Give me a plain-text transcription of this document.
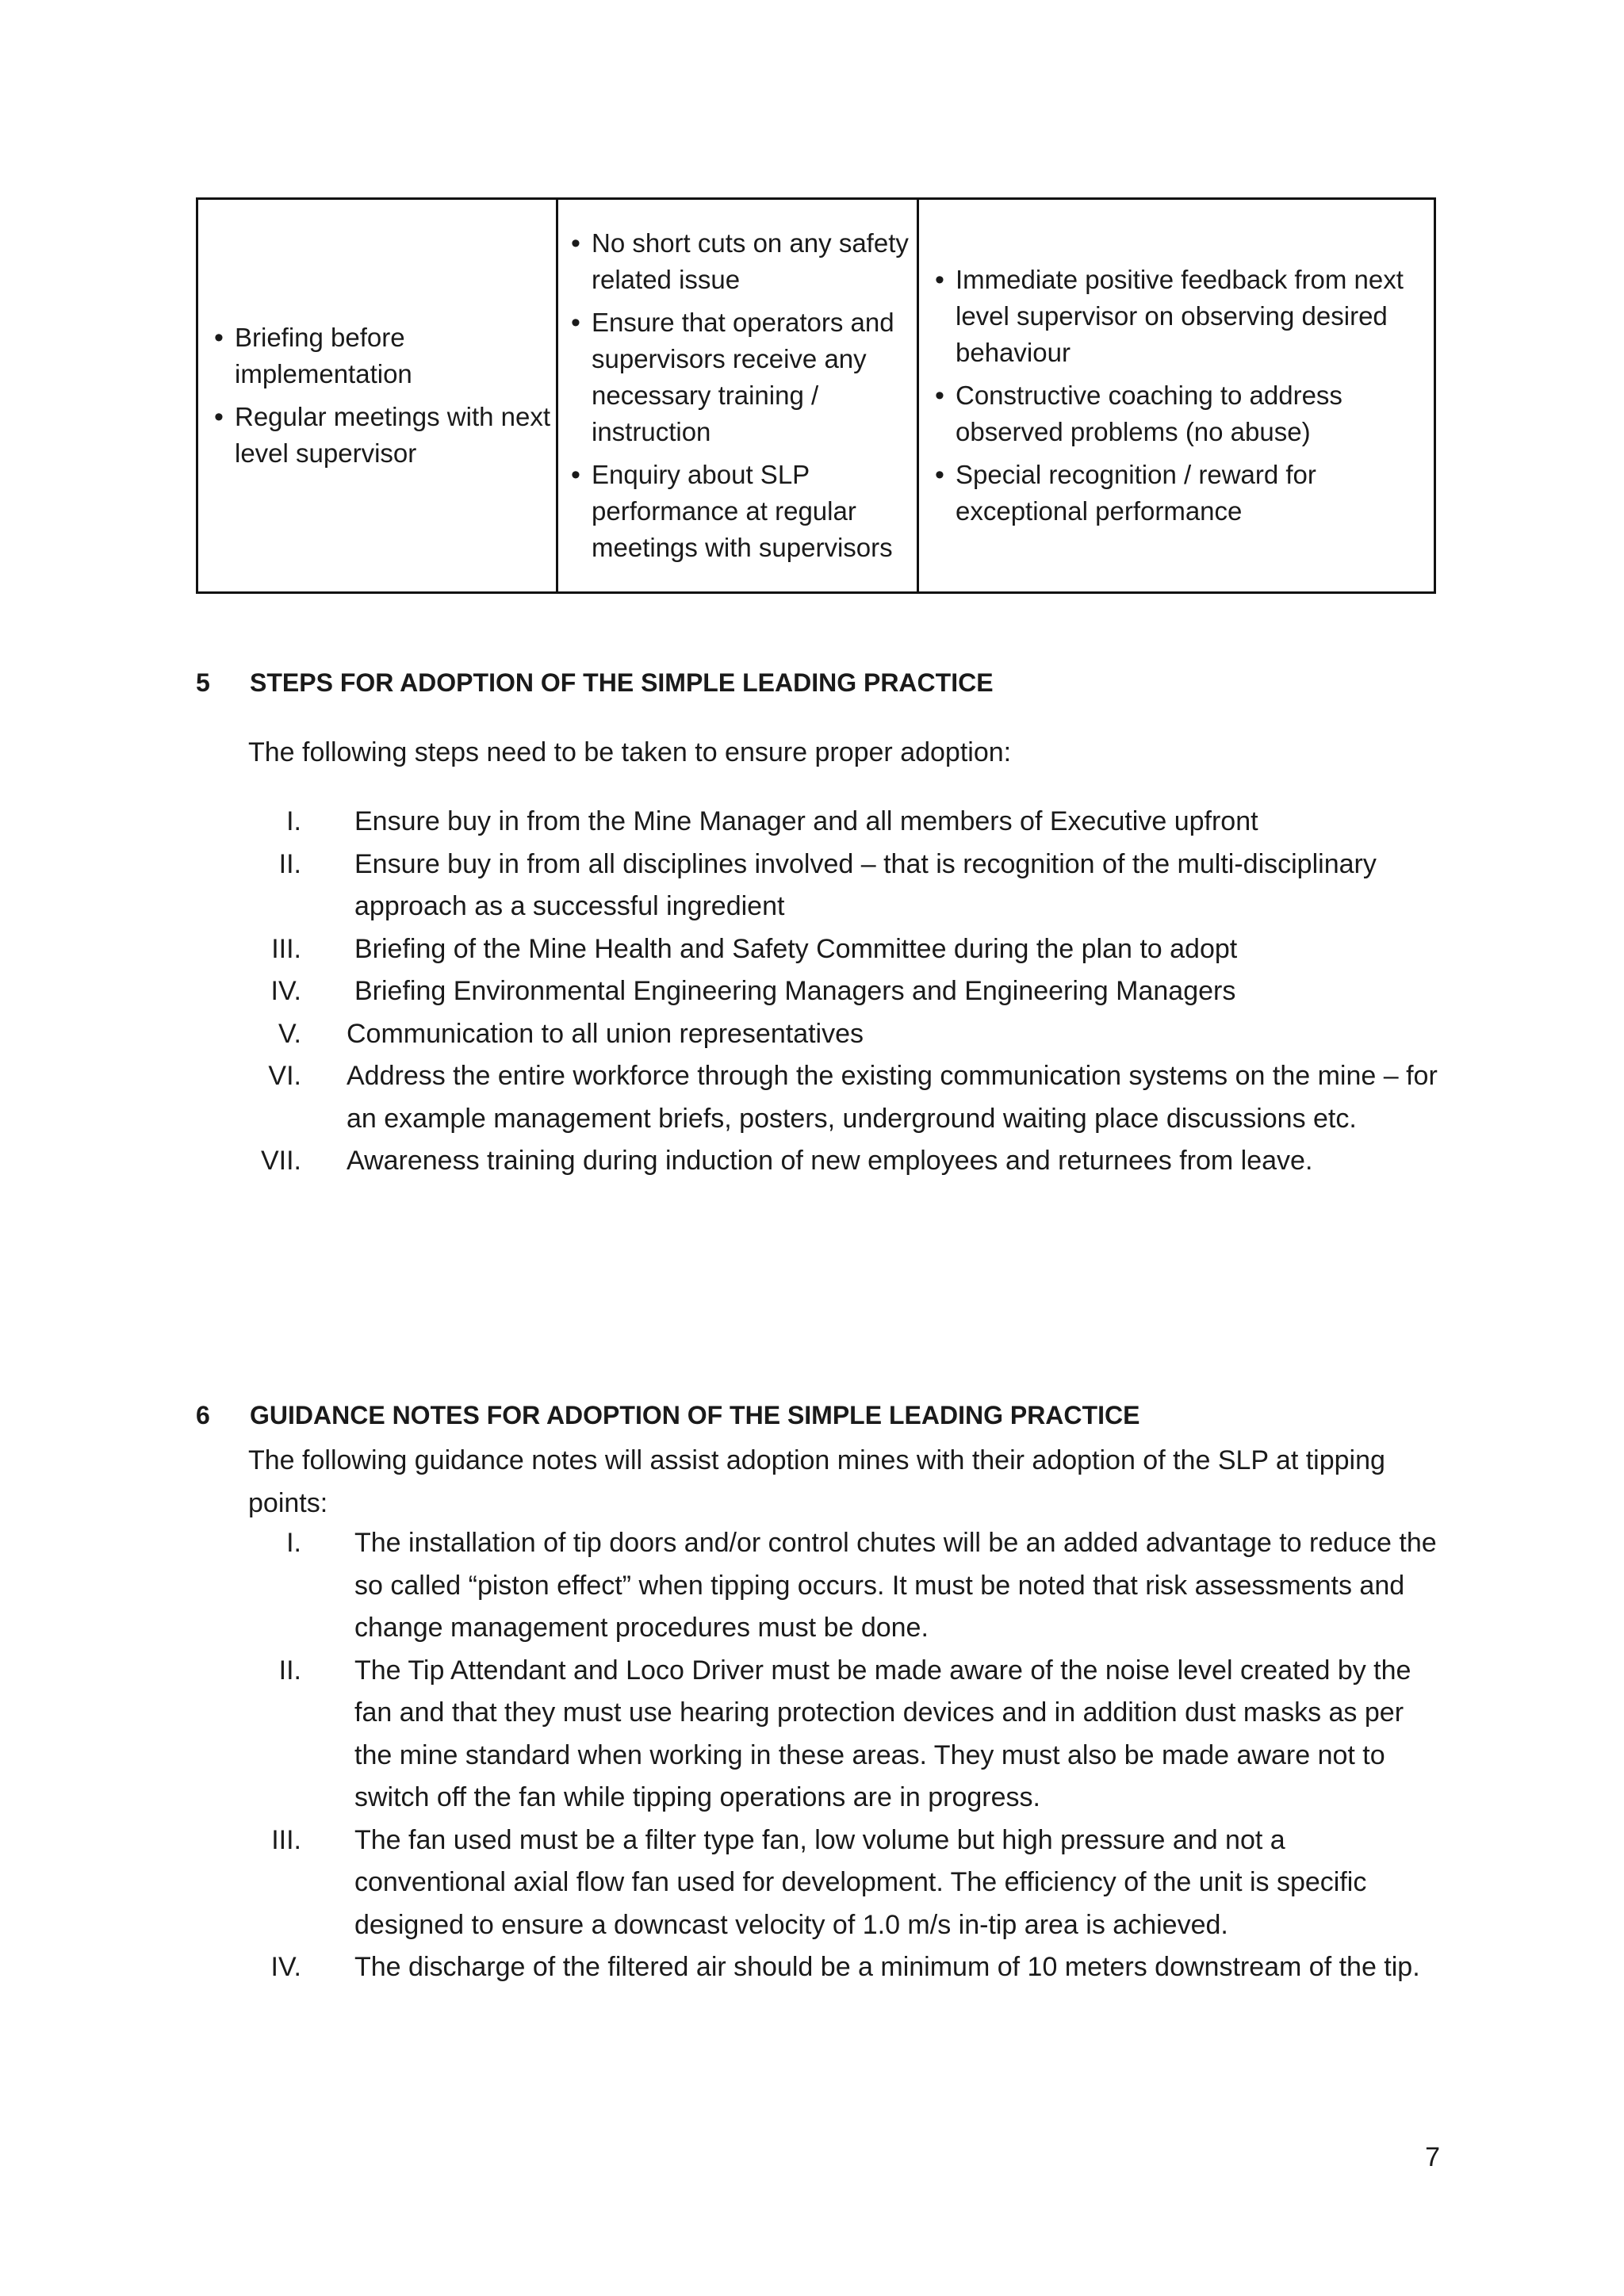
• Briefing before implementation
• Regular meetings with next level supervisor
• No short cuts on any safety related issue
• Ensure that operators and supervisors receive any necessary training / instruction
• Enquiry about SLP performance at regular meetings with supervisors
• Immediate positive feedback from next level supervisor on observing desired behaviour
• Constructive coaching to address observed problems (no abuse)
• Special recognition / reward for exceptional performance
5 STEPS FOR ADOPTION OF THE SIMPLE LEADING PRACTICE

The following steps need to be taken to ensure proper adoption:

I. Ensure buy in from the Mine Manager and all members of Executive upfront
II. Ensure buy in from all disciplines involved – that is recognition of the multi-disciplinary approach as a successful ingredient
III. Briefing of the Mine Health and Safety Committee during the plan to adopt
IV. Briefing Environmental Engineering Managers and Engineering Managers
V. Communication to all union representatives
VI. Address the entire workforce through the existing communication systems on the mine – for an example management briefs, posters, underground waiting place discussions etc.
VII. Awareness training during induction of new employees and returnees from leave.
6 GUIDANCE NOTES FOR ADOPTION OF THE SIMPLE LEADING PRACTICE

The following guidance notes will assist adoption mines with their adoption of the SLP at tipping points:

I. The installation of tip doors and/or control chutes will be an added advantage to reduce the so called “piston effect” when tipping occurs. It must be noted that risk assessments and change management procedures must be done.
II. The Tip Attendant and Loco Driver must be made aware of the noise level created by the fan and that they must use hearing protection devices and in addition dust masks as per the mine standard when working in these areas. They must also be made aware not to switch off the fan while tipping operations are in progress.
III. The fan used must be a filter type fan, low volume but high pressure and not a conventional axial flow fan used for development. The efficiency of the unit is specific designed to ensure a downcast velocity of 1.0 m/s in-tip area is achieved.
IV. The discharge of the filtered air should be a minimum of 10 meters downstream of the tip.
7
